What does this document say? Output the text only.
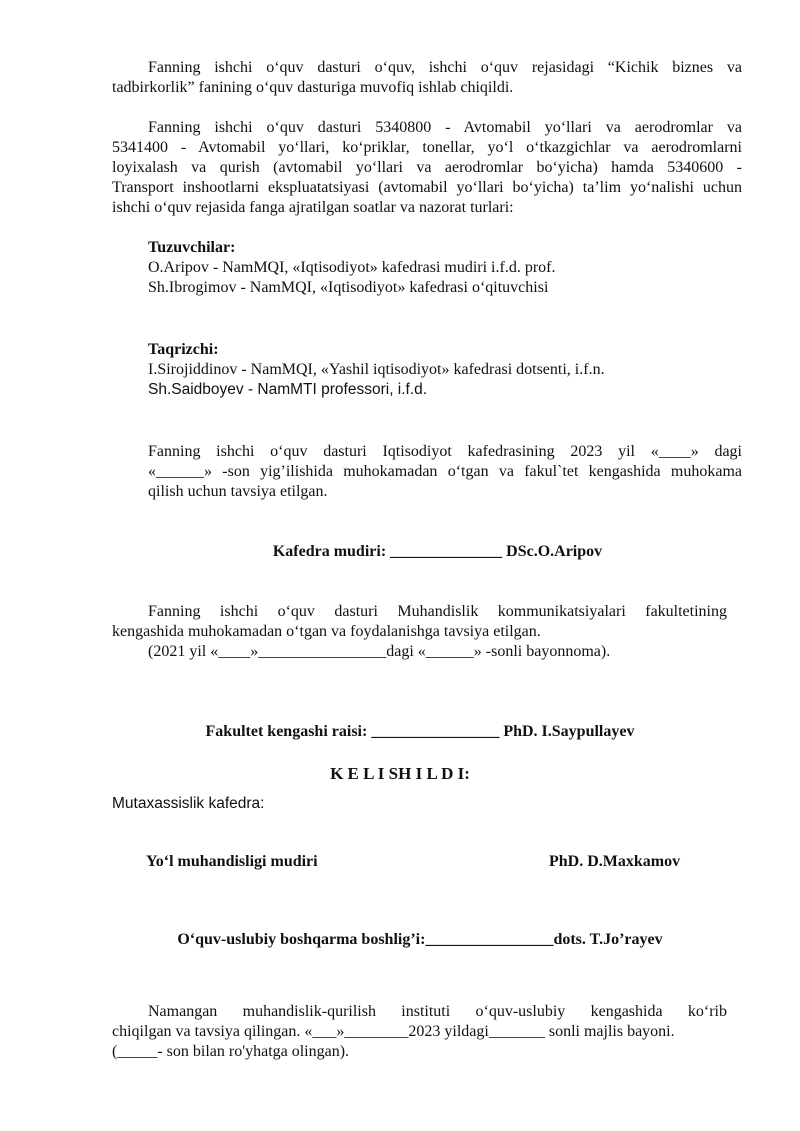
Fanning ishchi o‘quv dasturi o‘quv, ishchi o‘quv rejasidagi “Kichik biznes va
tadbirkorlik” fanining o‘quv dasturiga muvofiq ishlab chiqildi.
Fanning ishchi o‘quv dasturi 5340800 - Avtomabil yo‘llari va aerodromlar va
5341400 - Avtomabil yo‘llari, ko‘priklar, tonellar, yo‘l o‘tkazgichlar va aerodromlarni
loyixalash va qurish (avtomabil yo‘llari va aerodromlar bo‘yicha) hamda 5340600 -
Transport inshootlarni ekspluatatsiyasi (avtomabil yo‘llari bo‘yicha) ta’lim yo‘nalishi uchun
ishchi o‘quv rejasida fanga ajratilgan soatlar va nazorat turlari:
Tuzuvchilar:
O.Aripov - NamMQI, «Iqtisodiyot» kafedrasi mudiri i.f.d. prof.
Sh.Ibrogimov - NamMQI, «Iqtisodiyot» kafedrasi o‘qituvchisi
Taqrizchi:
I.Sirojiddinov - NamMQI, «Yashil iqtisodiyot» kafedrasi dotsenti, i.f.n.
Sh.Saidboyev - NamMTI professori, i.f.d.
Fanning ishchi o‘quv dasturi Iqtisodiyot kafedrasining 2023 yil «____» dagi
«______» -son yig’ilishida muhokamadan o‘tgan va fakul`tet kengashida muhokama
qilish uchun tavsiya etilgan.
Kafedra mudiri: ______________ DSc.O.Aripov
Fanning ishchi o‘quv dasturi Muhandislik kommunikatsiyalari fakultetining
kengashida muhokamadan o‘tgan va foydalanishga tavsiya etilgan.
(2021 yil «____»________________dagi «______» -sonli bayonnoma).
Fakultet kengashi raisi: ________________ PhD. I.Saypullayev
K E L I SH I L D I:
Mutaxassislik kafedra:
Yo‘l muhandisligi mudiri	PhD. D.Maxkamov
O‘quv-uslubiy boshqarma boshlig’i:________________dots. T.Jo’rayev
Namangan muhandislik-qurilish instituti o‘quv-uslubiy kengashida ko‘rib
chiqilgan va tavsiya qilingan. «___»________2023 yildagi_______ sonli majlis bayoni.
(_____- son bilan ro'yhatga olingan).
